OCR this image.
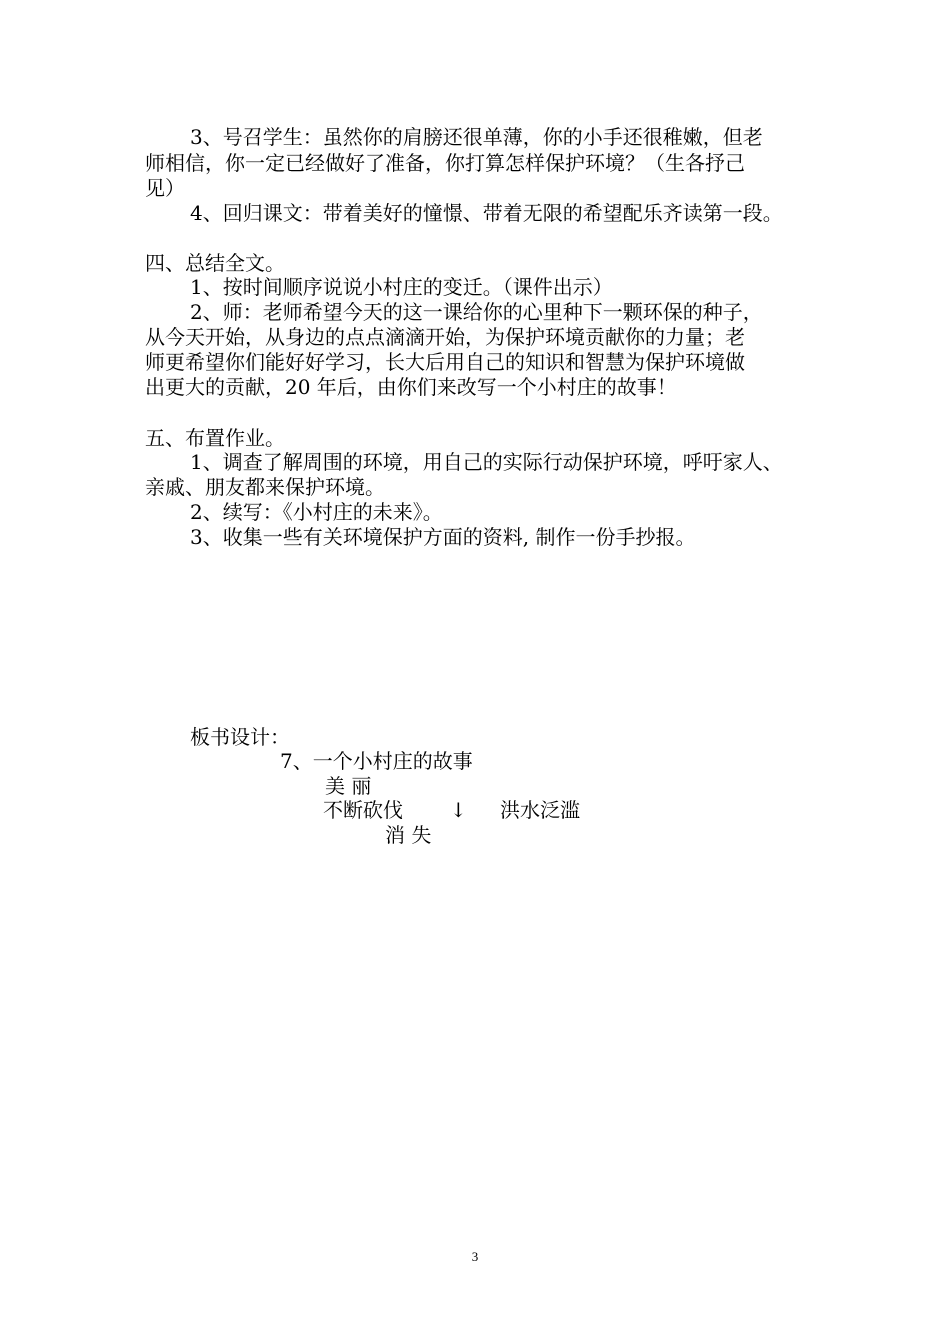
3、号召学生：虽然你的肩膀还很单薄，你的小手还很稚嫩，但老
师相信，你一定已经做好了准备，你打算怎样保护环境？（生各抒己
见）
4、回归课文：带着美好的憧憬、带着无限的希望配乐齐读第一段。
四、总结全文。
1、按时间顺序说说小村庄的变迁。（课件出示）
2、师：老师希望今天的这一课给你的心里种下一颗环保的种子，
从今天开始，从身边的点点滴滴开始，为保护环境贡献你的力量；老
师更希望你们能好好学习，长大后用自己的知识和智慧为保护环境做
出更大的贡献，20 年后，由你们来改写一个小村庄的故事！
五、布置作业。
1、调查了解周围的环境，用自己的实际行动保护环境，呼吁家人、
亲戚、朋友都来保护环境。
2、续写：《小村庄的未来》。
3、收集一些有关环境保护方面的资料, 制作一份手抄报。
板书设计：
7、一个小村庄的故事
美 丽
不断砍伐 ↓ 洪水泛滥
消 失
3
